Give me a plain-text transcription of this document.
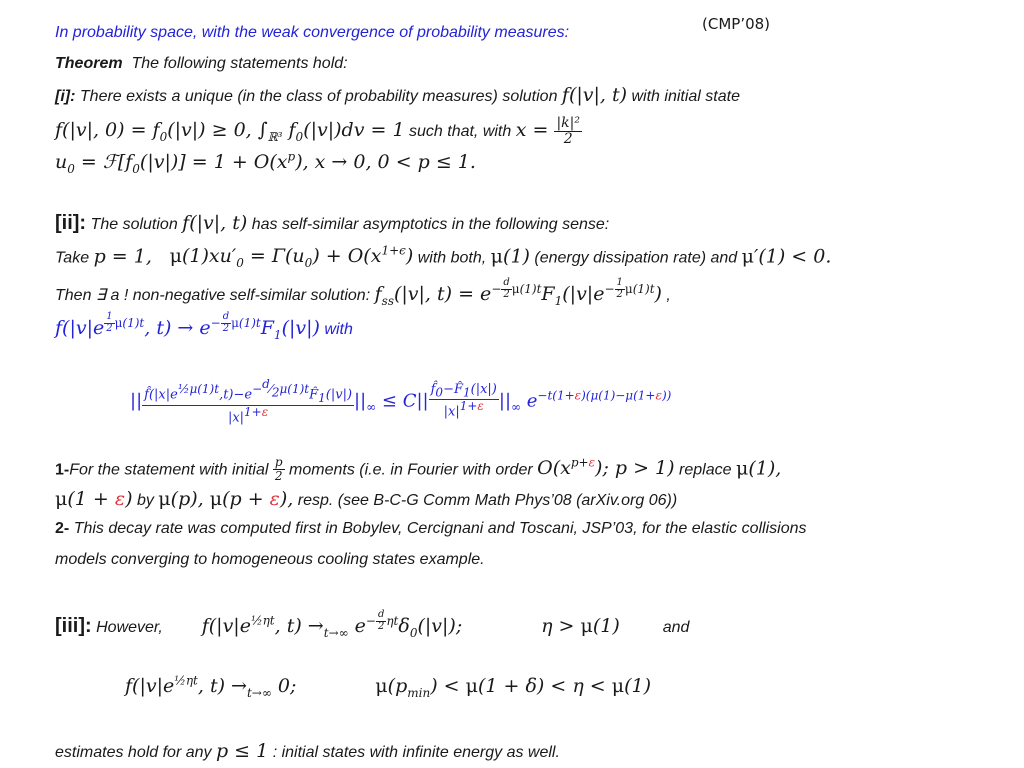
(CMP’08)
In probability space, with the weak convergence of probability measures:
Theorem The following statements hold:
[i]: There exists a unique (in the class of probability measures) solution f(|v|, t) with initial state
f(|v|, $0) = f_0(|v|) \ge 0$, $\int_{ℝ^3}$ $f_0(|v|)dv = 1$ such that, with $x = \frac{\text{|k|²}}{2}$
$u_0$ = $ℱ[f_0(|v|)] = 1 + O(x^p)$, x → 0, 0 < p ≤ 1.
[ii]: The solution f(|v|, t) has self-similar asymptotics in the following sense:
Take p = 1, $\mu(1)xu'_0 = \Gamma(u_0) + O(x^{1+\epsilon})$ with both, μ(1) (energy dissipation rate) and μ′(1) < 0.
Then ∃ a ! non-negative self-similar solution: $f_{ss}(|v|$, $t) = e^{- \frac{d}{2} \mu(1)t}F_1(|v|e^{- \frac{1}{2} \mu(1)t})$ ,
f(|v|e $^{\frac{1}{2} \mu(1)t}$, $t) \to e^{- \frac{d}{2} \mu(1)t}F_1(|v|)$ with
|| $\frac{f̂(|x|e^{\frac{1}{2}\mu(1)t},t)-e^{-^d⁄_2\mu(1)t}F̂_1(|v|)}{|x|^{1+\varepsilon}} ||_\infty \le C|| \frac{f̂_0-F̂_1(|x|)}{|x|^{1+\varepsilon}} ||_\infty$ $e^{-t(1+\varepsilon)(\mu(1)-\mu(1+\varepsilon))}$
1-For the statement with initial $\frac{p}{2}$ moments (i.e. in Fourier with order $O(x^{p+\varepsilon})$; p > 1) replace μ(1),
μ(1 + ε) by μ(p), μ(p + ε), resp. (see B-C-G Comm Math Phys’08 (arXiv.org 06))
2- This decay rate was computed first in Bobylev, Cercignani and Toscani, JSP’03, for the elastic collisions
models converging to homogeneous cooling states example.
[iii]: However, $f(|v|e^{\frac{1}{2}\eta t}$, $t) \to_{t\to\infty}$ $e^{- \frac{d}{2} \eta t}\delta_0(|v|)$;	η > μ(1)	and
$f(|v|e^{\frac{1}{2}\eta t}$, $t) \to_{t\to\infty}$ 0;	$\mu(p_{min}) < \mu(1 + \delta) < \eta < \mu(1)$
estimates hold for any p ≤ 1 : initial states with infinite energy as well.
